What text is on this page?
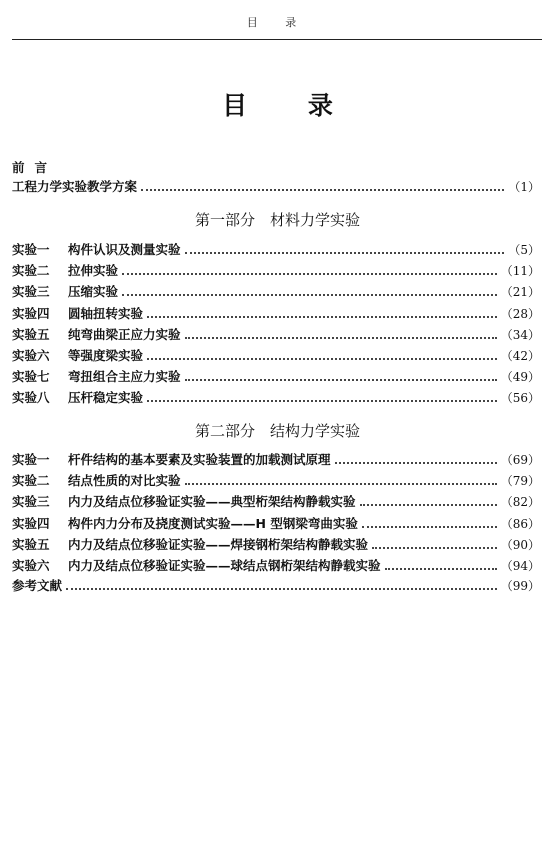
目 录
目 录
前言
工程力学实验教学方案	（1）
第一部分　材料力学实验
实验一	构件认识及测量实验	（5）
实验二	拉伸实验	（11）
实验三	压缩实验	（21）
实验四	圆轴扭转实验	（28）
实验五	纯弯曲梁正应力实验	（34）
实验六	等强度梁实验	（42）
实验七	弯扭组合主应力实验	（49）
实验八	压杆稳定实验	（56）
第二部分　结构力学实验
实验一	杆件结构的基本要素及实验装置的加载测试原理	（69）
实验二	结点性质的对比实验	（79）
实验三	内力及结点位移验证实验——典型桁架结构静载实验	（82）
实验四	构件内力分布及挠度测试实验——H 型钢梁弯曲实验	（86）
实验五	内力及结点位移验证实验——焊接钢桁架结构静载实验	（90）
实验六	内力及结点位移验证实验——球结点钢桁架结构静载实验	（94）
参考文献	（99）
